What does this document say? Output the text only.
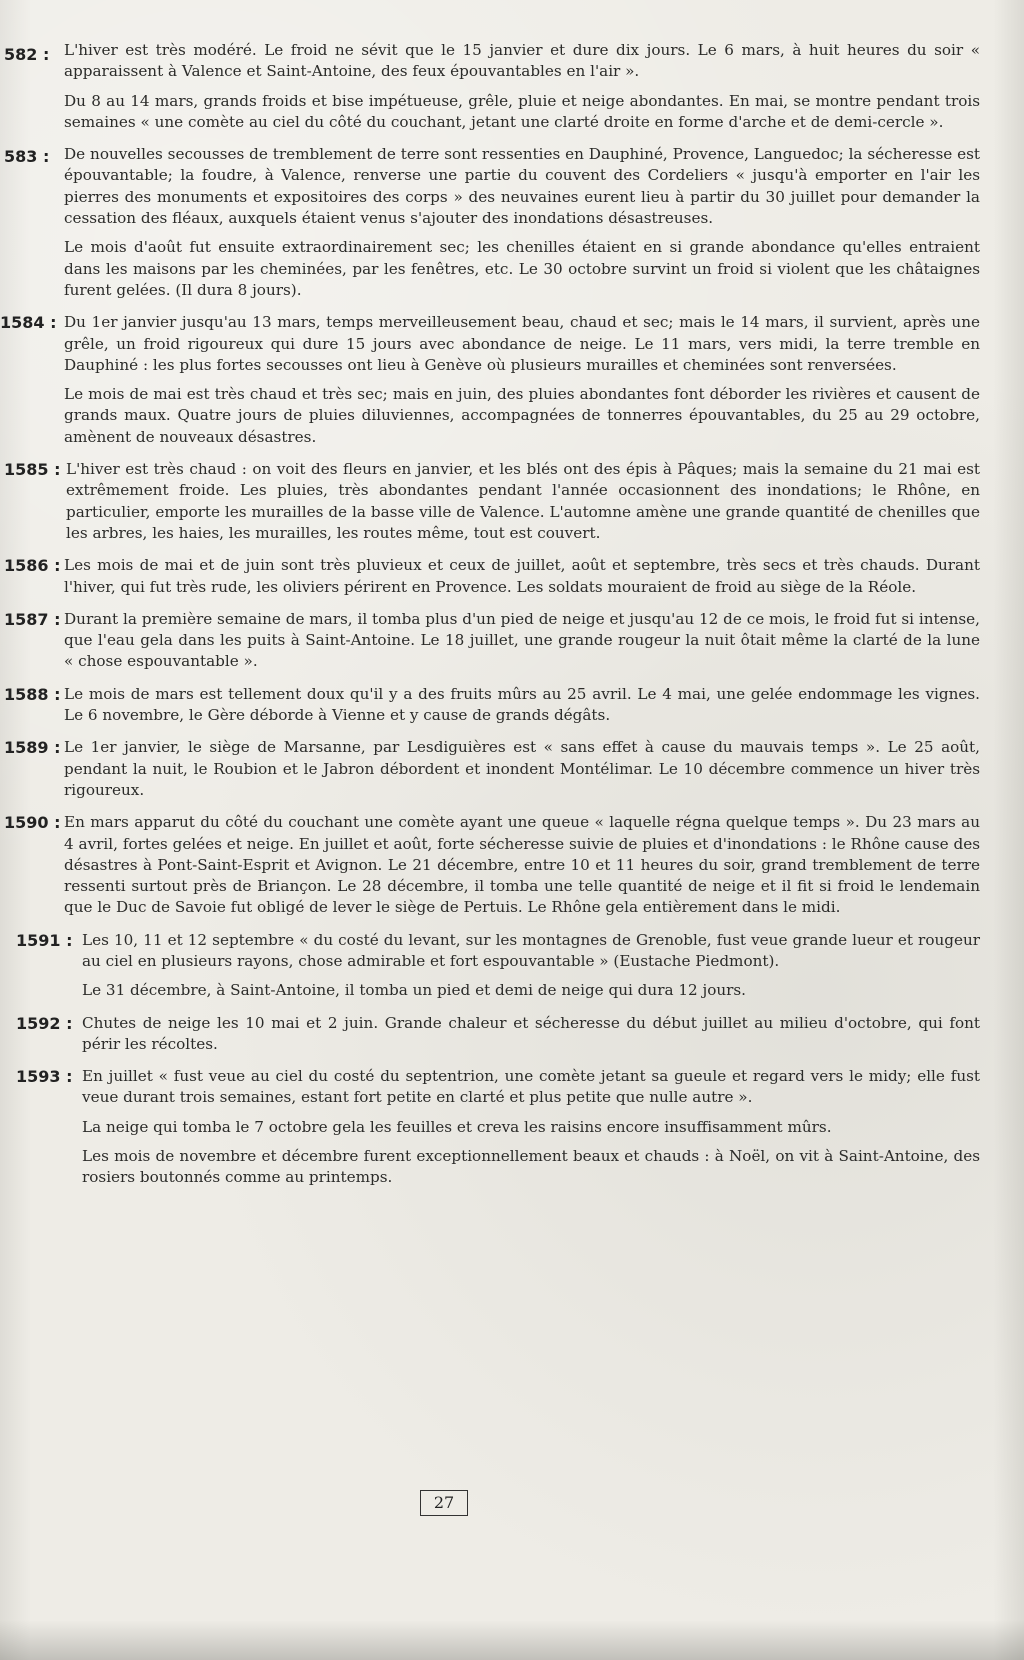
582 : L'hiver est très modéré. Le froid ne sévit que le 15 janvier et dure dix jours. Le 6 mars, à huit heures du soir « apparaissent à Valence et Saint-Antoine, des feux épouvantables en l'air ».

Du 8 au 14 mars, grands froids et bise impétueuse, grêle, pluie et neige abondantes. En mai, se montre pendant trois semaines « une comète au ciel du côté du couchant, jetant une clarté droite en forme d'arche et de demi-cercle ».

583 : De nouvelles secousses de tremblement de terre sont ressenties en Dauphiné, Provence, Languedoc; la sécheresse est épouvantable; la foudre, à Valence, renverse une partie du couvent des Cordeliers « jusqu'à emporter en l'air les pierres des monuments et expositoires des corps » des neuvaines eurent lieu à partir du 30 juillet pour demander la cessation des fléaux, auxquels étaient venus s'ajouter des inondations désastreuses.

Le mois d'août fut ensuite extraordinairement sec; les chenilles étaient en si grande abondance qu'elles entraient dans les maisons par les cheminées, par les fenêtres, etc. Le 30 octobre survint un froid si violent que les châtaignes furent gelées. (Il dura 8 jours).

1584 : Du 1er janvier jusqu'au 13 mars, temps merveilleusement beau, chaud et sec; mais le 14 mars, il survient, après une grêle, un froid rigoureux qui dure 15 jours avec abondance de neige. Le 11 mars, vers midi, la terre tremble en Dauphiné : les plus fortes secousses ont lieu à Genève où plusieurs murailles et cheminées sont renversées.

Le mois de mai est très chaud et très sec; mais en juin, des pluies abondantes font déborder les rivières et causent de grands maux. Quatre jours de pluies diluviennes, accompagnées de tonnerres épouvantables, du 25 au 29 octobre, amènent de nouveaux désastres.

1585 : L'hiver est très chaud : on voit des fleurs en janvier, et les blés ont des épis à Pâques; mais la semaine du 21 mai est extrêmement froide. Les pluies, très abondantes pendant l'année occasionnent des inondations; le Rhône, en particulier, emporte les murailles de la basse ville de Valence. L'automne amène une grande quantité de chenilles que les arbres, les haies, les murailles, les routes même, tout est couvert.

1586 : Les mois de mai et de juin sont très pluvieux et ceux de juillet, août et septembre, très secs et très chauds. Durant l'hiver, qui fut très rude, les oliviers périrent en Provence. Les soldats mouraient de froid au siège de la Réole.

1587 : Durant la première semaine de mars, il tomba plus d'un pied de neige et jusqu'au 12 de ce mois, le froid fut si intense, que l'eau gela dans les puits à Saint-Antoine. Le 18 juillet, une grande rougeur la nuit ôtait même la clarté de la lune « chose espouvantable ».

1588 : Le mois de mars est tellement doux qu'il y a des fruits mûrs au 25 avril. Le 4 mai, une gelée endommage les vignes. Le 6 novembre, le Gère déborde à Vienne et y cause de grands dégâts.

1589 : Le 1er janvier, le siège de Marsanne, par Lesdiguières est « sans effet à cause du mauvais temps ». Le 25 août, pendant la nuit, le Roubion et le Jabron débordent et inondent Montélimar. Le 10 décembre commence un hiver très rigoureux.

1590 : En mars apparut du côté du couchant une comète ayant une queue « laquelle régna quelque temps ». Du 23 mars au 4 avril, fortes gelées et neige. En juillet et août, forte sécheresse suivie de pluies et d'inondations : le Rhône cause des désastres à Pont-Saint-Esprit et Avignon. Le 21 décembre, entre 10 et 11 heures du soir, grand tremblement de terre ressenti surtout près de Briançon. Le 28 décembre, il tomba une telle quantité de neige et il fit si froid le lendemain que le Duc de Savoie fut obligé de lever le siège de Pertuis. Le Rhône gela entièrement dans le midi.

1591 : Les 10, 11 et 12 septembre « du costé du levant, sur les montagnes de Grenoble, fust veue grande lueur et rougeur au ciel en plusieurs rayons, chose admirable et fort espouvantable » (Eustache Piedmont).

Le 31 décembre, à Saint-Antoine, il tomba un pied et demi de neige qui dura 12 jours.

1592 : Chutes de neige les 10 mai et 2 juin. Grande chaleur et sécheresse du début juillet au milieu d'octobre, qui font périr les récoltes.

1593 : En juillet « fust veue au ciel du costé du septentrion, une comète jetant sa gueule et regard vers le midy; elle fust veue durant trois semaines, estant fort petite en clarté et plus petite que nulle autre ».

La neige qui tomba le 7 octobre gela les feuilles et creva les raisins encore insuffisamment mûrs.

Les mois de novembre et décembre furent exceptionnellement beaux et chauds : à Noël, on vit à Saint-Antoine, des rosiers boutonnés comme au printemps.

27
